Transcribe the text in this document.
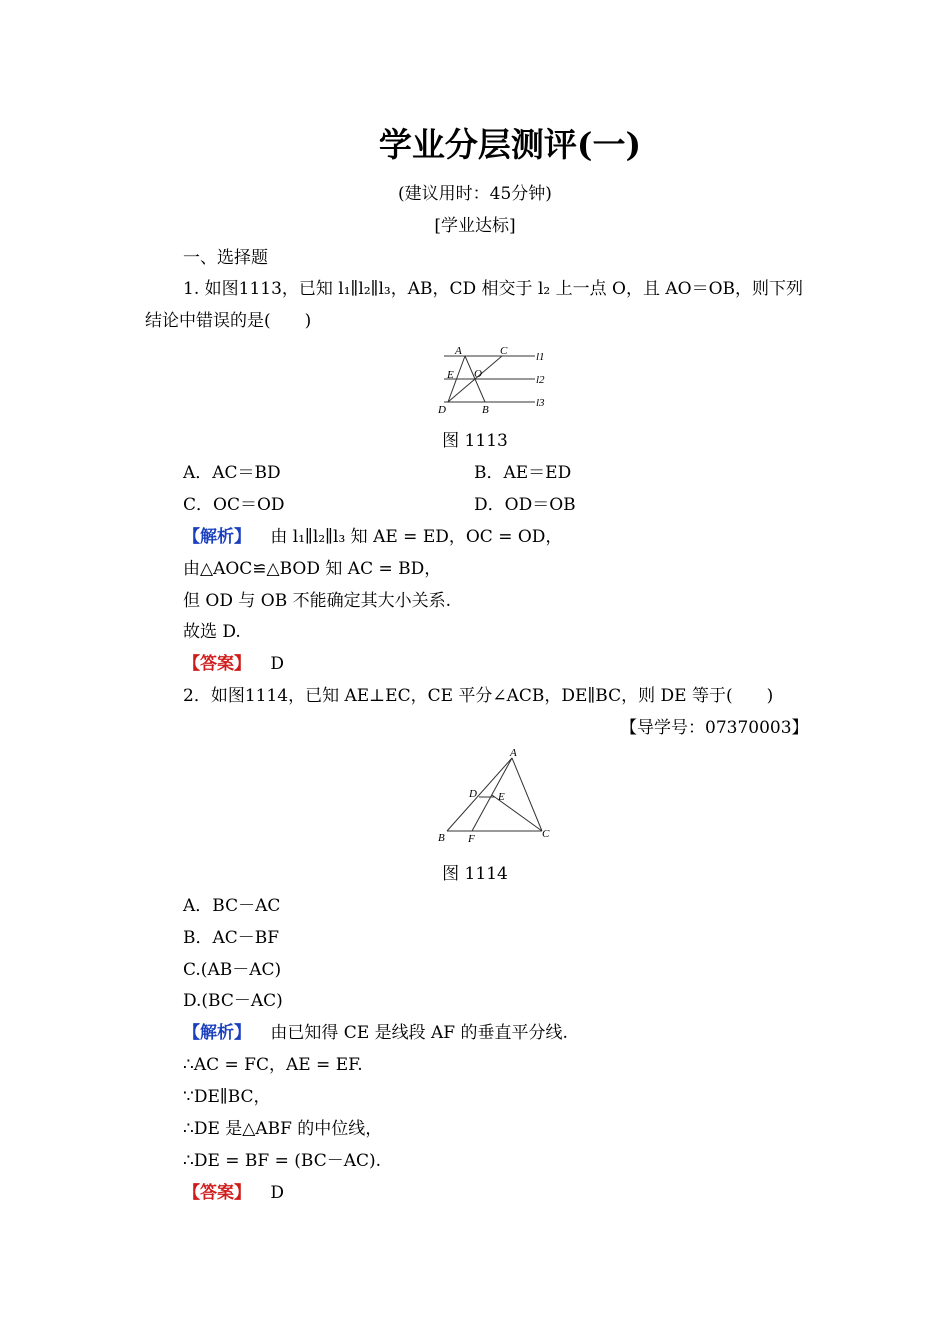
学业分层测评(一)
(建议用时：45分钟)
[学业达标]
一、选择题
1. 如图1113，已知 l₁∥l₂∥l₃，AB，CD 相交于 l₂ 上一点 O，且 AO＝OB，则下列
结论中错误的是(　　)
A	C
E O
D	B
l1
l2
l3
图 1113
A．AC＝BD	B．AE＝ED
C．OC＝OD	D．OD＝OB
【解析】 由 l₁∥l₂∥l₃ 知 AE = ED，OC = OD，
由△AOC≌△BOD 知 AC = BD，
但 OD 与 OB 不能确定其大小关系.
故选 D.
【答案】 D
2．如图1114，已知 AE⊥EC，CE 平分∠ACB，DE∥BC，则 DE 等于(　　)
【导学号：07370003】
A
D E
B F	C
图 1114
A．BC－AC
B．AC－BF
C.(AB－AC)
D.(BC－AC)
【解析】 由已知得 CE 是线段 AF 的垂直平分线.
∴AC = FC，AE = EF.
∵DE∥BC，
∴DE 是△ABF 的中位线，
∴DE = BF = (BC－AC).
【答案】 D
